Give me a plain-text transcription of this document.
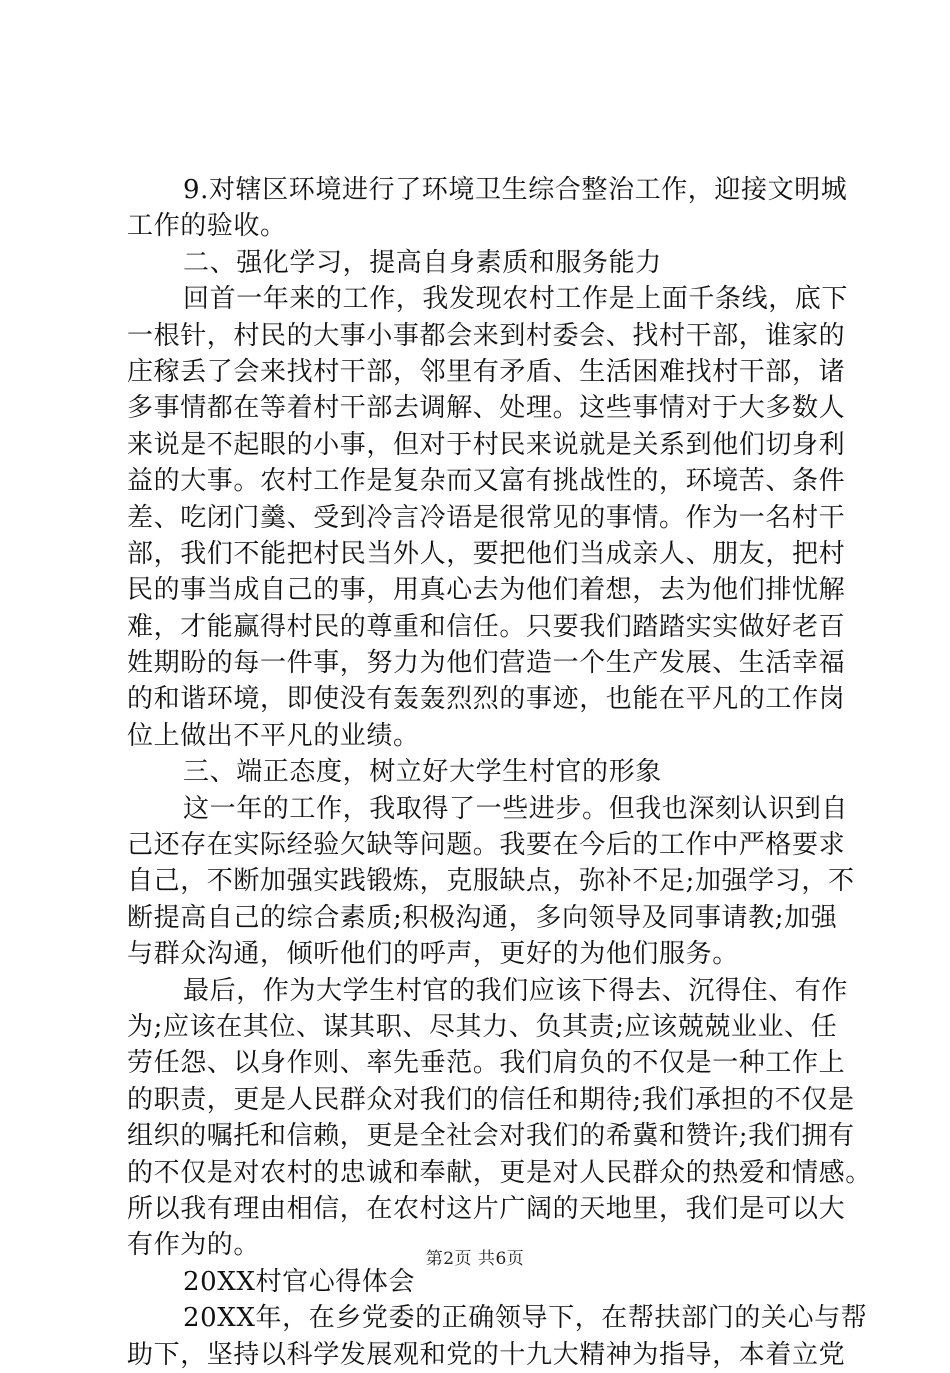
9.对辖区环境进行了环境卫生综合整治工作，迎接文明城
工作的验收。
二、强化学习，提高自身素质和服务能力
回首一年来的工作，我发现农村工作是上面千条线，底下
一根针，村民的大事小事都会来到村委会、找村干部，谁家的
庄稼丢了会来找村干部，邻里有矛盾、生活困难找村干部，诸
多事情都在等着村干部去调解、处理。这些事情对于大多数人
来说是不起眼的小事，但对于村民来说就是关系到他们切身利
益的大事。农村工作是复杂而又富有挑战性的，环境苦、条件
差、吃闭门羹、受到冷言冷语是很常见的事情。作为一名村干
部，我们不能把村民当外人，要把他们当成亲人、朋友，把村
民的事当成自己的事，用真心去为他们着想，去为他们排忧解
难，才能赢得村民的尊重和信任。只要我们踏踏实实做好老百
姓期盼的每一件事，努力为他们营造一个生产发展、生活幸福
的和谐环境，即使没有轰轰烈烈的事迹，也能在平凡的工作岗
位上做出不平凡的业绩。
三、端正态度，树立好大学生村官的形象
这一年的工作，我取得了一些进步。但我也深刻认识到自
己还存在实际经验欠缺等问题。我要在今后的工作中严格要求
自己，不断加强实践锻炼，克服缺点，弥补不足;加强学习，不
断提高自己的综合素质;积极沟通，多向领导及同事请教;加强
与群众沟通，倾听他们的呼声，更好的为他们服务。
最后，作为大学生村官的我们应该下得去、沉得住、有作
为;应该在其位、谋其职、尽其力、负其责;应该兢兢业业、任
劳任怨、以身作则、率先垂范。我们肩负的不仅是一种工作上
的职责，更是人民群众对我们的信任和期待;我们承担的不仅是
组织的嘱托和信赖，更是全社会对我们的希冀和赞许;我们拥有
的不仅是对农村的忠诚和奉献，更是对人民群众的热爱和情感。
所以我有理由相信，在农村这片广阔的天地里，我们是可以大
有作为的。
20XX村官心得体会
20XX年，在乡党委的正确领导下，在帮扶部门的关心与帮
助下，坚持以科学发展观和党的十九大精神为指导，本着立党
第2页 共6页
